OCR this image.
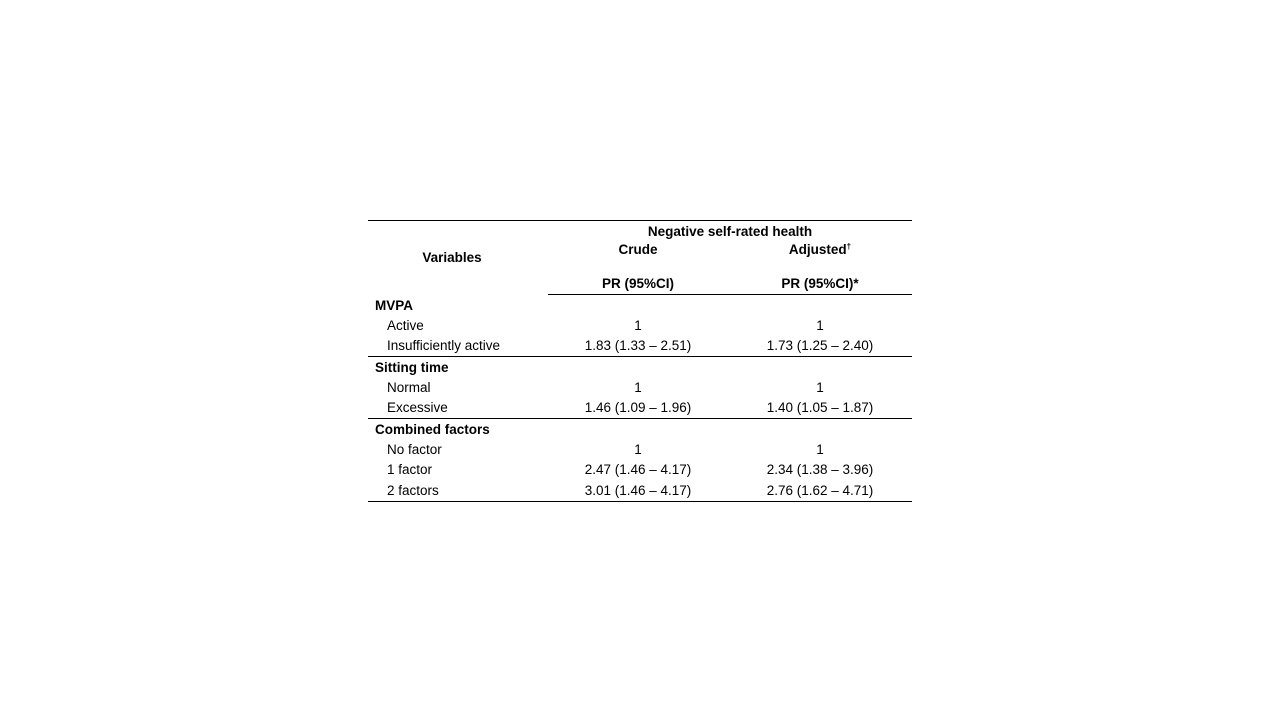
Variables	Negative self-rated health	
	Crude	Adjusted†
	PR (95%CI)	PR (95%CI)*
MVPA		
Active	1	1
Insufficiently active	1.83 (1.33 – 2.51)	1.73 (1.25 – 2.40)
Sitting time		
Normal	1	1
Excessive	1.46 (1.09 – 1.96)	1.40 (1.05 – 1.87)
Combined factors		
No factor	1	1
1 factor	2.47 (1.46 – 4.17)	2.34 (1.38 – 3.96)
2 factors	3.01 (1.46 – 4.17)	2.76 (1.62 – 4.71)
